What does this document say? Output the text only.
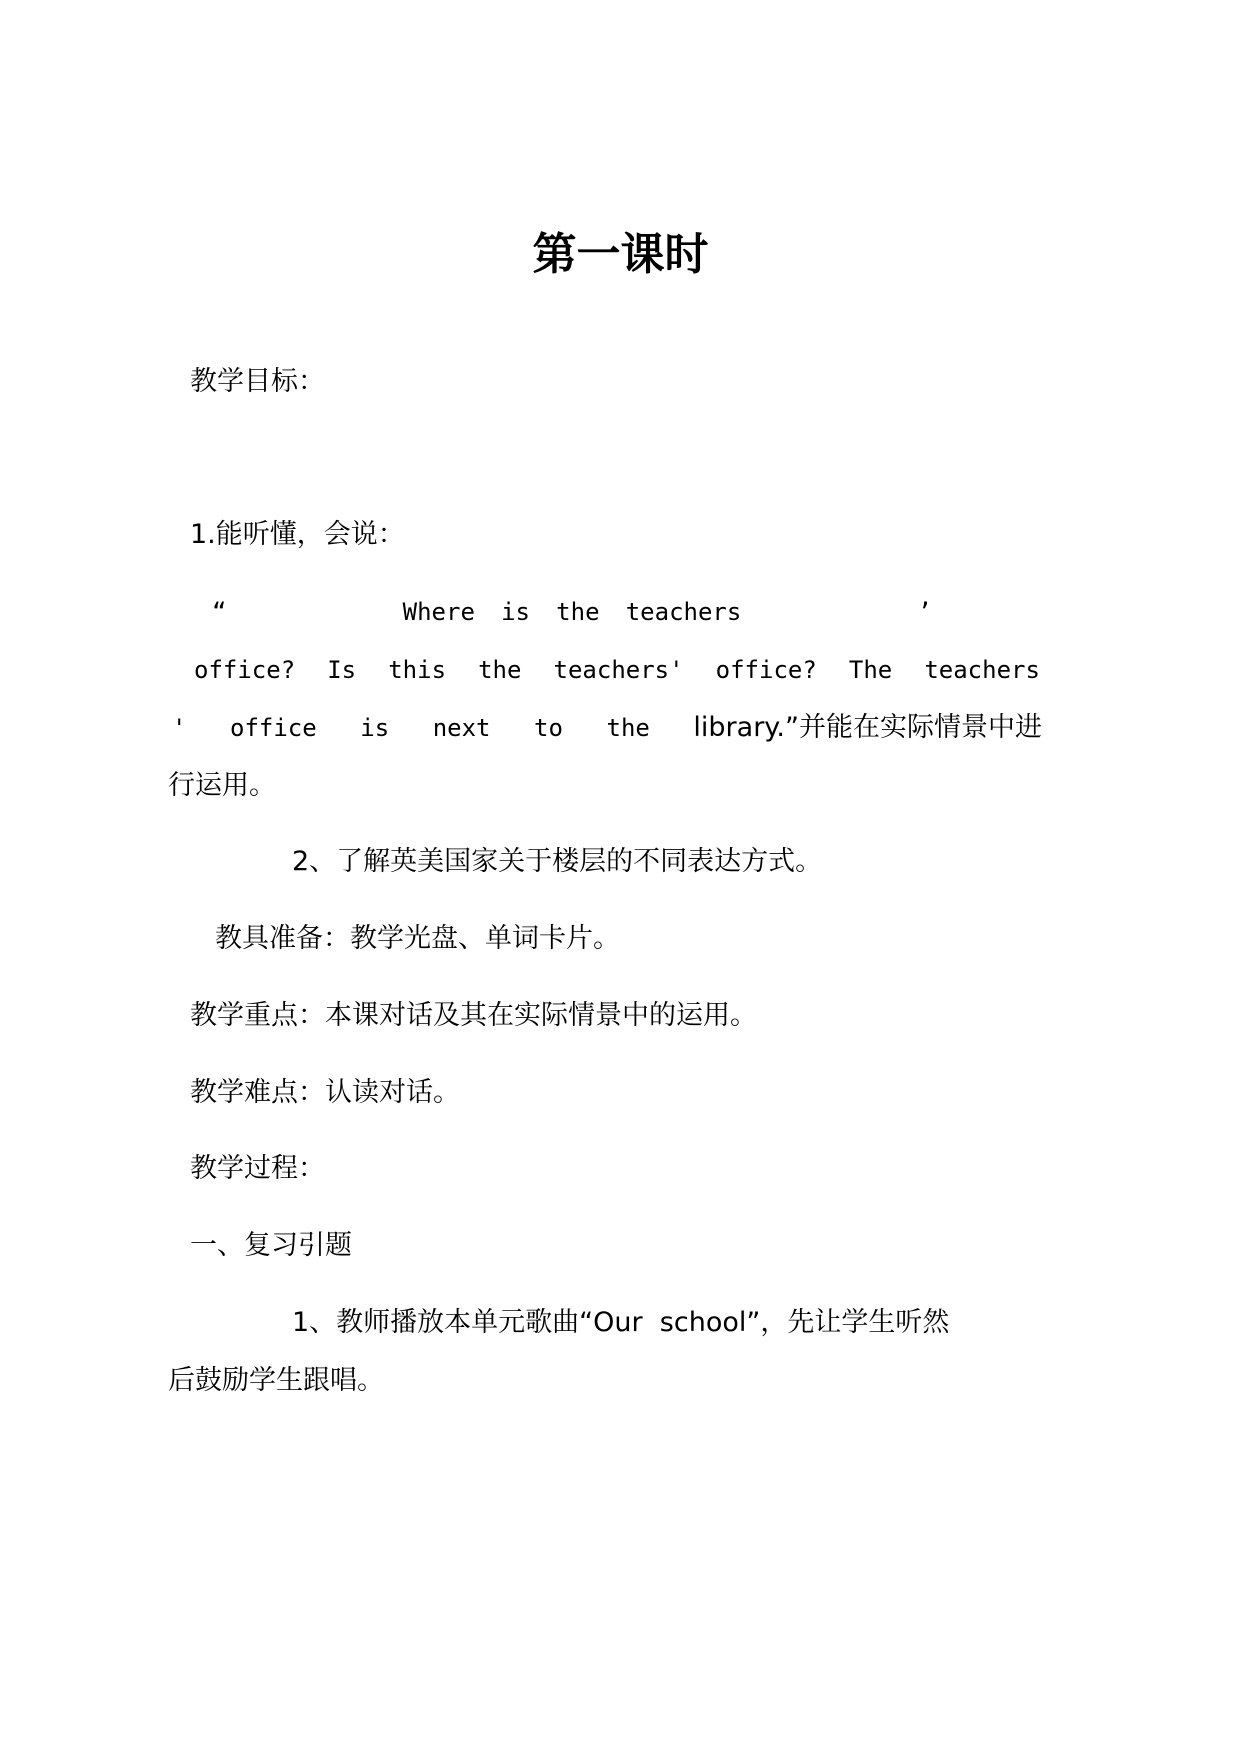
第一课时
教学目标：
1.能听懂，会说：
“	Where is the teachers	’
office? Is this the teachers' office? The teachers
' office is next to the library.”并能在实际情景中进
行运用。
2、了解英美国家关于楼层的不同表达方式。
教具准备：教学光盘、单词卡片。
教学重点：本课对话及其在实际情景中的运用。
教学难点：认读对话。
教学过程：
一、复习引题
1、教师播放本单元歌曲“Our  school”，先让学生听然
后鼓励学生跟唱。
